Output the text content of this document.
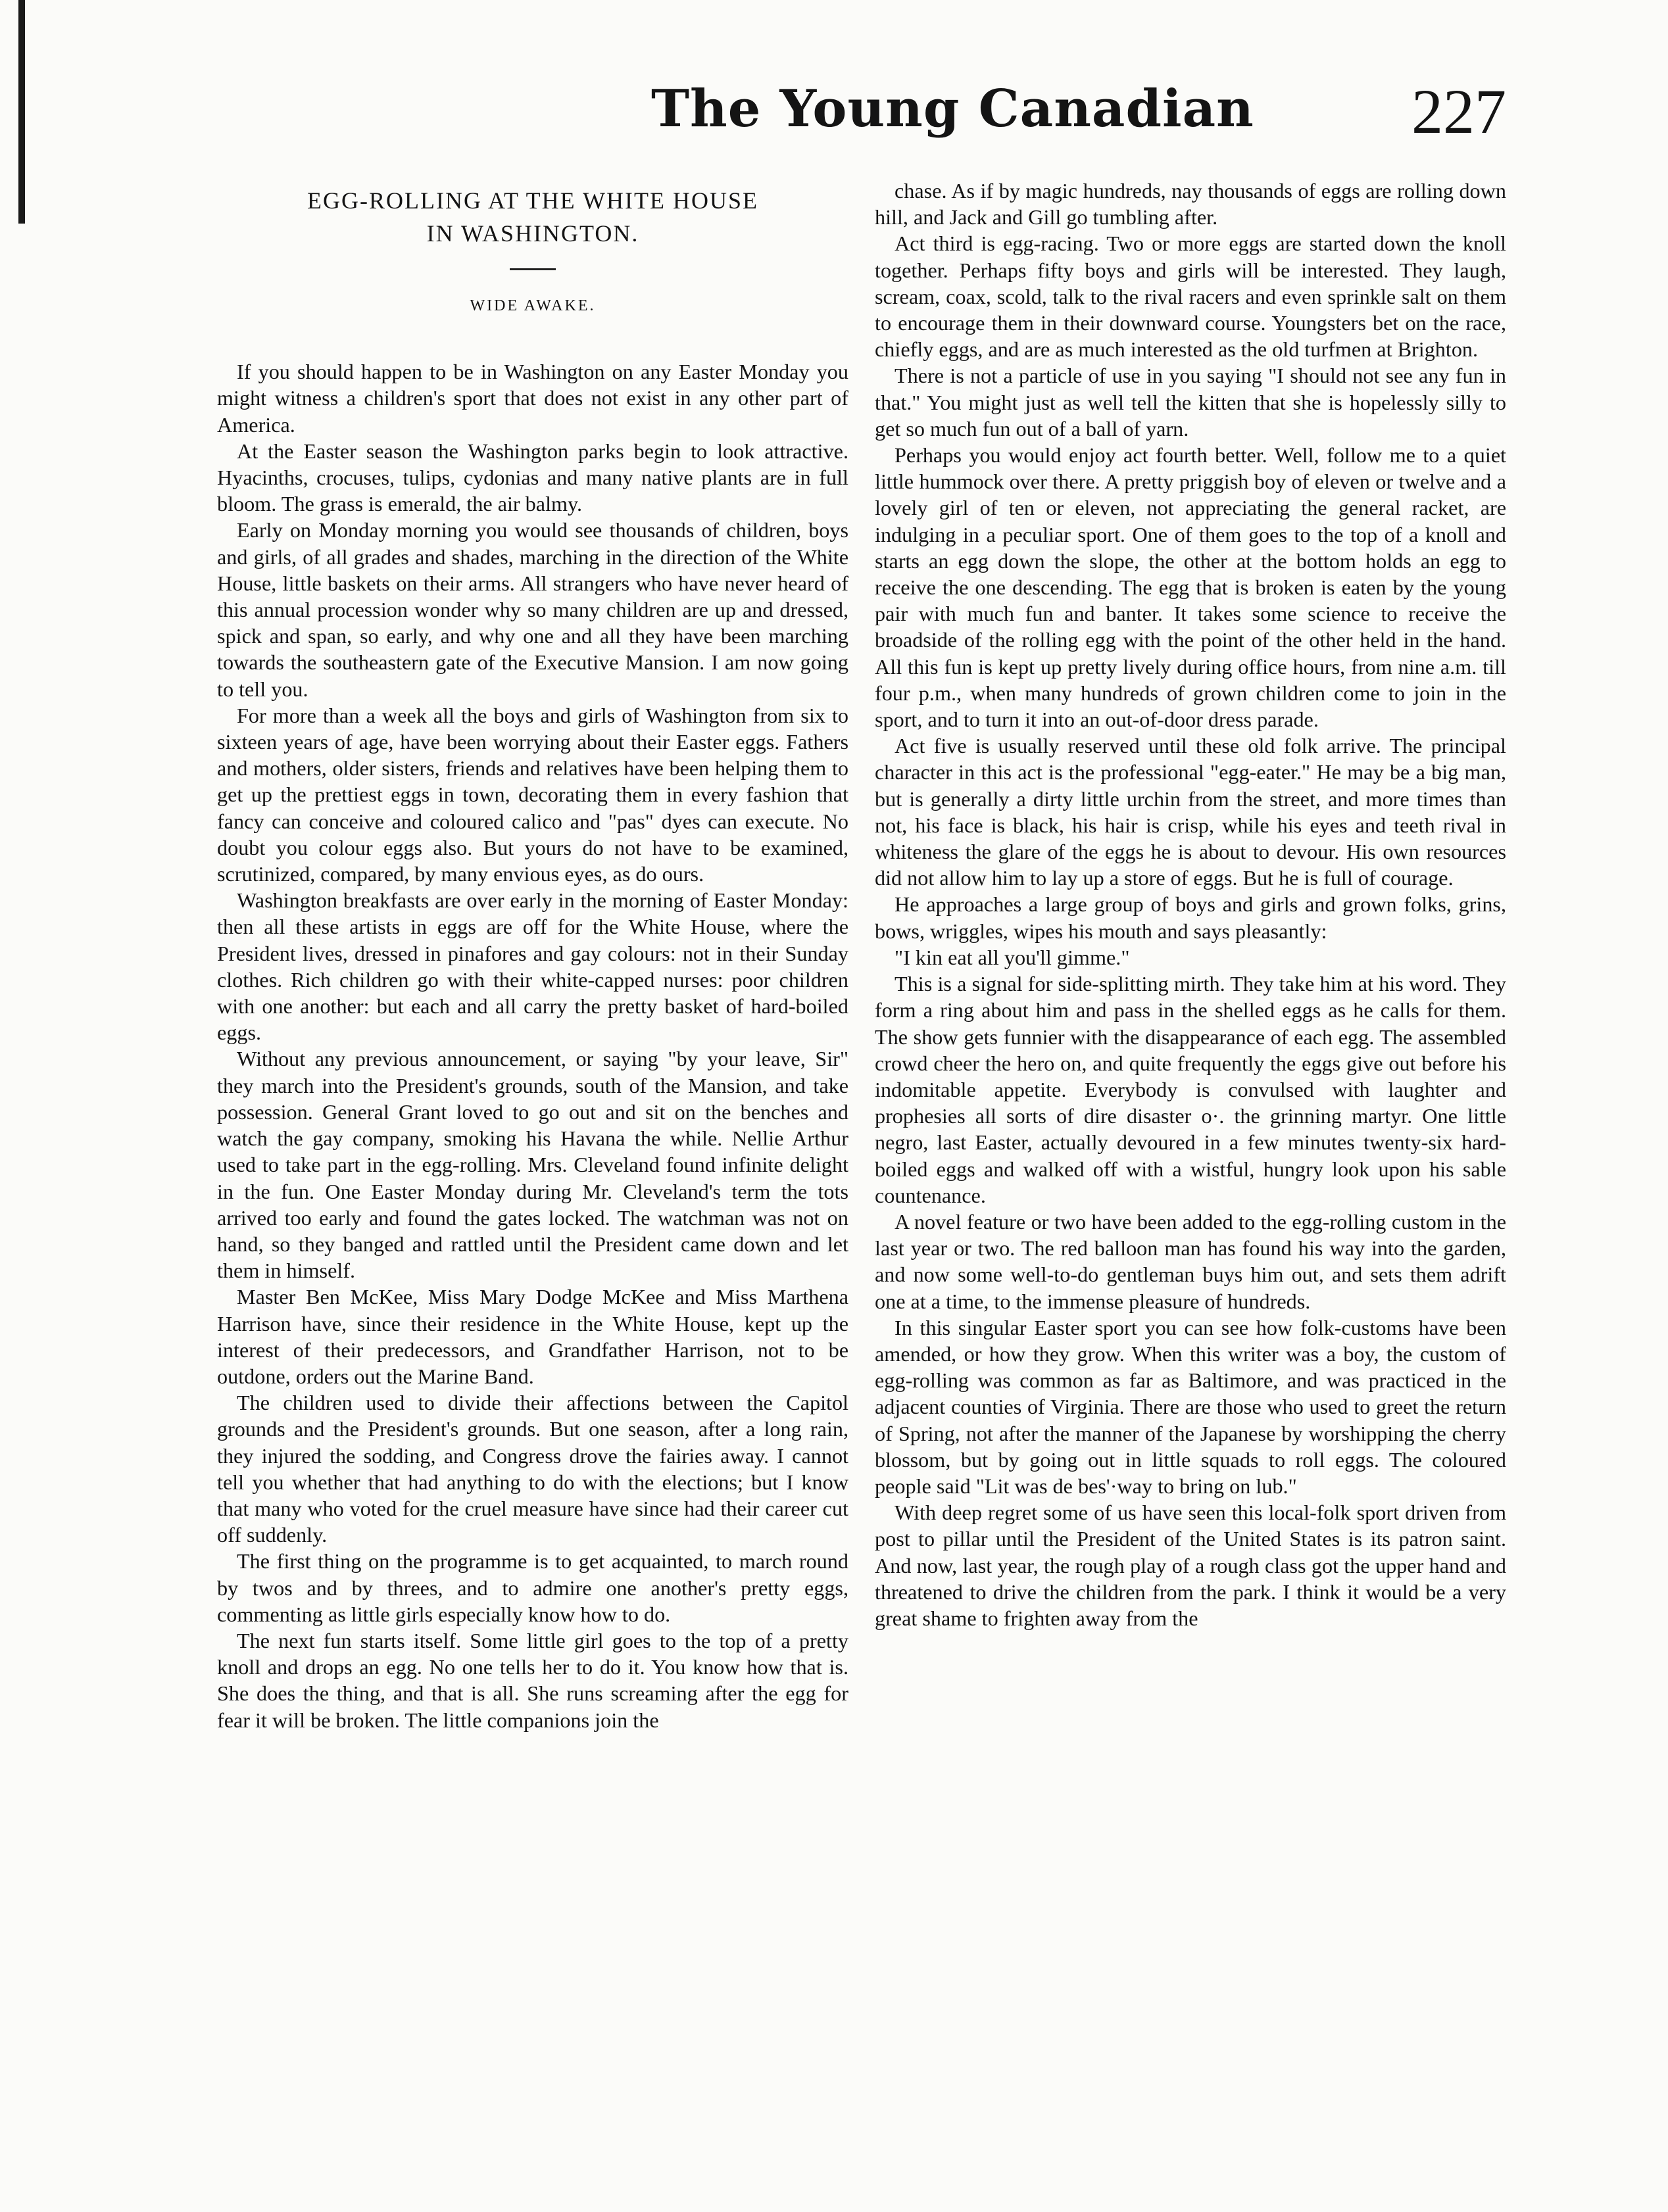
The Young Canadian 227
EGG-ROLLING AT THE WHITE HOUSE
IN WASHINGTON.
WIDE AWAKE.

If you should happen to be in Washington on any Easter Monday you might witness a children's sport that does not exist in any other part of America.

At the Easter season the Washington parks begin to look attractive. Hyacinths, crocuses, tulips, cydonias and many native plants are in full bloom. The grass is emerald, the air balmy.

Early on Monday morning you would see thousands of children, boys and girls, of all grades and shades, marching in the direction of the White House, little baskets on their arms. All strangers who have never heard of this annual procession wonder why so many children are up and dressed, spick and span, so early, and why one and all they have been marching towards the southeastern gate of the Executive Mansion. I am now going to tell you.

For more than a week all the boys and girls of Washington from six to sixteen years of age, have been worrying about their Easter eggs. Fathers and mothers, older sisters, friends and relatives have been helping them to get up the prettiest eggs in town, decorating them in every fashion that fancy can conceive and coloured calico and "pas" dyes can execute. No doubt you colour eggs also. But yours do not have to be examined, scrutinized, compared, by many envious eyes, as do ours.

Washington breakfasts are over early in the morning of Easter Monday: then all these artists in eggs are off for the White House, where the President lives, dressed in pinafores and gay colours: not in their Sunday clothes. Rich children go with their white-capped nurses: poor children with one another: but each and all carry the pretty basket of hard-boiled eggs.

Without any previous announcement, or saying "by your leave, Sir" they march into the President's grounds, south of the Mansion, and take possession. General Grant loved to go out and sit on the benches and watch the gay company, smoking his Havana the while. Nellie Arthur used to take part in the egg-rolling. Mrs. Cleveland found infinite delight in the fun. One Easter Monday during Mr. Cleveland's term the tots arrived too early and found the gates locked. The watchman was not on hand, so they banged and rattled until the President came down and let them in himself.

Master Ben McKee, Miss Mary Dodge McKee and Miss Marthena Harrison have, since their residence in the White House, kept up the interest of their predecessors, and Grandfather Harrison, not to be outdone, orders out the Marine Band.

The children used to divide their affections between the Capitol grounds and the President's grounds. But one season, after a long rain, they injured the sodding, and Congress drove the fairies away. I cannot tell you whether that had anything to do with the elections; but I know that many who voted for the cruel measure have since had their career cut off suddenly.

The first thing on the programme is to get acquainted, to march round by twos and by threes, and to admire one another's pretty eggs, commenting as little girls especially know how to do.

The next fun starts itself. Some little girl goes to the top of a pretty knoll and drops an egg. No one tells her to do it. You know how that is. She does the thing, and that is all. She runs screaming after the egg for fear it will be broken. The little companions join the

chase. As if by magic hundreds, nay thousands of eggs are rolling down hill, and Jack and Gill go tumbling after.

Act third is egg-racing. Two or more eggs are started down the knoll together. Perhaps fifty boys and girls will be interested. They laugh, scream, coax, scold, talk to the rival racers and even sprinkle salt on them to encourage them in their downward course. Youngsters bet on the race, chiefly eggs, and are as much interested as the old turfmen at Brighton.

There is not a particle of use in you saying "I should not see any fun in that." You might just as well tell the kitten that she is hopelessly silly to get so much fun out of a ball of yarn.

Perhaps you would enjoy act fourth better. Well, follow me to a quiet little hummock over there. A pretty priggish boy of eleven or twelve and a lovely girl of ten or eleven, not appreciating the general racket, are indulging in a peculiar sport. One of them goes to the top of a knoll and starts an egg down the slope, the other at the bottom holds an egg to receive the one descending. The egg that is broken is eaten by the young pair with much fun and banter. It takes some science to receive the broadside of the rolling egg with the point of the other held in the hand. All this fun is kept up pretty lively during office hours, from nine a.m. till four p.m., when many hundreds of grown children come to join in the sport, and to turn it into an out-of-door dress parade.

Act five is usually reserved until these old folk arrive. The principal character in this act is the professional "egg-eater." He may be a big man, but is generally a dirty little urchin from the street, and more times than not, his face is black, his hair is crisp, while his eyes and teeth rival in whiteness the glare of the eggs he is about to devour. His own resources did not allow him to lay up a store of eggs. But he is full of courage.

He approaches a large group of boys and girls and grown folks, grins, bows, wriggles, wipes his mouth and says pleasantly:

"I kin eat all you'll gimme."

This is a signal for side-splitting mirth. They take him at his word. They form a ring about him and pass in the shelled eggs as he calls for them. The show gets funnier with the disappearance of each egg. The assembled crowd cheer the hero on, and quite frequently the eggs give out before his indomitable appetite. Everybody is convulsed with laughter and prophesies all sorts of dire disaster o·. the grinning martyr. One little negro, last Easter, actually devoured in a few minutes twenty-six hard-boiled eggs and walked off with a wistful, hungry look upon his sable countenance.

A novel feature or two have been added to the egg-rolling custom in the last year or two. The red balloon man has found his way into the garden, and now some well-to-do gentleman buys him out, and sets them adrift one at a time, to the immense pleasure of hundreds.

In this singular Easter sport you can see how folk-customs have been amended, or how they grow. When this writer was a boy, the custom of egg-rolling was common as far as Baltimore, and was practiced in the adjacent counties of Virginia. There are those who used to greet the return of Spring, not after the manner of the Japanese by worshipping the cherry blossom, but by going out in little squads to roll eggs. The coloured people said "Lit was de bes'·way to bring on lub."

With deep regret some of us have seen this local-folk sport driven from post to pillar until the President of the United States is its patron saint. And now, last year, the rough play of a rough class got the upper hand and threatened to drive the children from the park. I think it would be a very great shame to frighten away from the
